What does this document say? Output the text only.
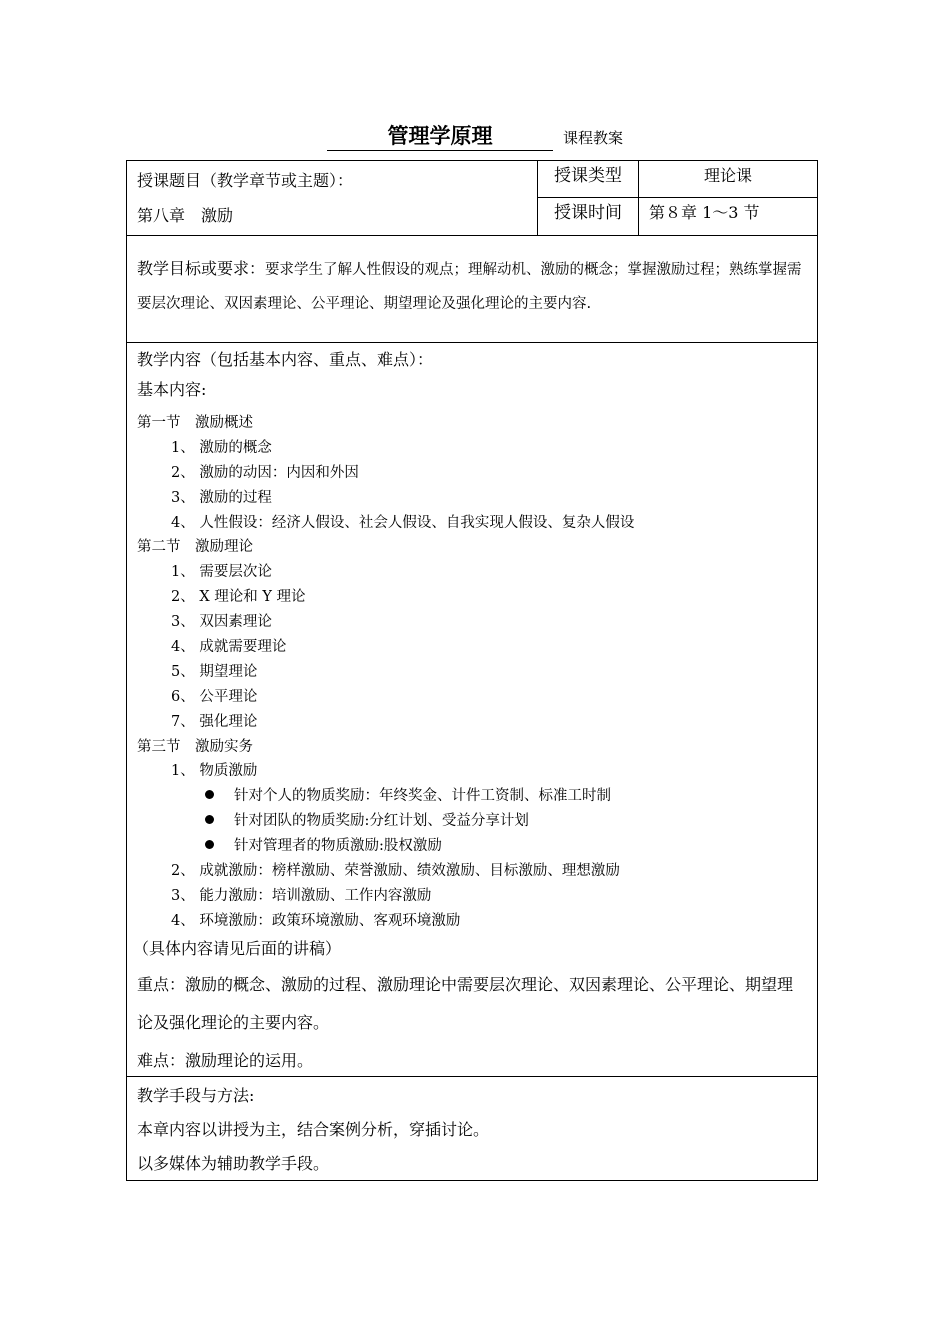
管理学原理	课程教案
授课题目（教学章节或主题）：
第八章　激励
授课类型
授课时间
理论课
第８章 1～3 节
教学目标或要求：要求学生了解人性假设的观点；理解动机、激励的概念；掌握激励过程；熟练掌握需要层次理论、双因素理论、公平理论、期望理论及强化理论的主要内容.
教学内容（包括基本内容、重点、难点）：
基本内容:
第一节　激励概述
1、 激励的概念
2、 激励的动因：内因和外因
3、 激励的过程
4、 人性假设：经济人假设、社会人假设、自我实现人假设、复杂人假设
第二节　激励理论
1、 需要层次论
2、 X 理论和 Y 理论
3、 双因素理论
4、 成就需要理论
5、 期望理论
6、 公平理论
7、 强化理论
第三节　激励实务
1、 物质激励
针对个人的物质奖励：年终奖金、计件工资制、标准工时制
针对团队的物质奖励:分红计划、受益分享计划
针对管理者的物质激励:股权激励
2、 成就激励：榜样激励、荣誉激励、绩效激励、目标激励、理想激励
3、 能力激励：培训激励、工作内容激励
4、 环境激励：政策环境激励、客观环境激励
（具体内容请见后面的讲稿）
重点：激励的概念、激励的过程、激励理论中需要层次理论、双因素理论、公平理论、期望理论及强化理论的主要内容。
难点：激励理论的运用。
教学手段与方法:
本章内容以讲授为主，结合案例分析，穿插讨论。
以多媒体为辅助教学手段。
